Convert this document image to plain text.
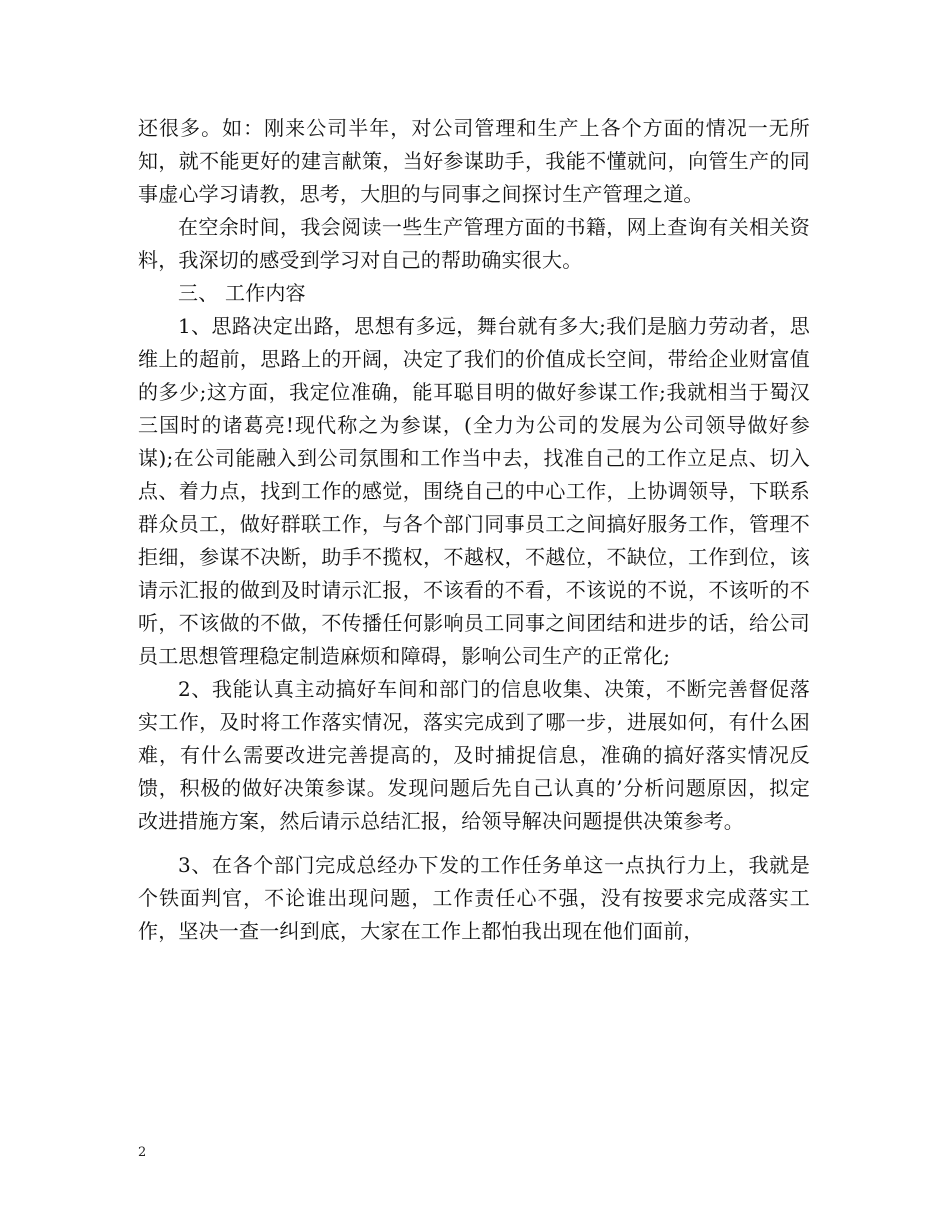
还很多。如：刚来公司半年，对公司管理和生产上各个方面的情况一无所知，就不能更好的建言献策，当好参谋助手，我能不懂就问，向管生产的同事虚心学习请教，思考，大胆的与同事之间探讨生产管理之道。

在空余时间，我会阅读一些生产管理方面的书籍，网上查询有关相关资料，我深切的感受到学习对自己的帮助确实很大。

三、 工作内容

1、思路决定出路，思想有多远，舞台就有多大;我们是脑力劳动者，思维上的超前，思路上的开阔，决定了我们的价值成长空间，带给企业财富值的多少;这方面，我定位准确，能耳聪目明的做好参谋工作;我就相当于蜀汉三国时的诸葛亮!现代称之为参谋，(全力为公司的发展为公司领导做好参谋);在公司能融入到公司氛围和工作当中去，找准自己的工作立足点、切入点、着力点，找到工作的感觉，围绕自己的中心工作，上协调领导，下联系群众员工，做好群联工作，与各个部门同事员工之间搞好服务工作，管理不拒细，参谋不决断，助手不揽权，不越权，不越位，不缺位，工作到位，该请示汇报的做到及时请示汇报，不该看的不看，不该说的不说，不该听的不听，不该做的不做，不传播任何影响员工同事之间团结和进步的话，给公司员工思想管理稳定制造麻烦和障碍，影响公司生产的正常化;

2、我能认真主动搞好车间和部门的信息收集、决策，不断完善督促落实工作，及时将工作落实情况，落实完成到了哪一步，进展如何，有什么困难，有什么需要改进完善提高的，及时捕捉信息，准确的搞好落实情况反馈，积极的做好决策参谋。发现问题后先自己认真的’分析问题原因，拟定改进措施方案，然后请示总结汇报，给领导解决问题提供决策参考。

3、在各个部门完成总经办下发的工作任务单这一点执行力上，我就是个铁面判官，不论谁出现问题，工作责任心不强，没有按要求完成落实工作，坚决一查一纠到底，大家在工作上都怕我出现在他们面前，

2
